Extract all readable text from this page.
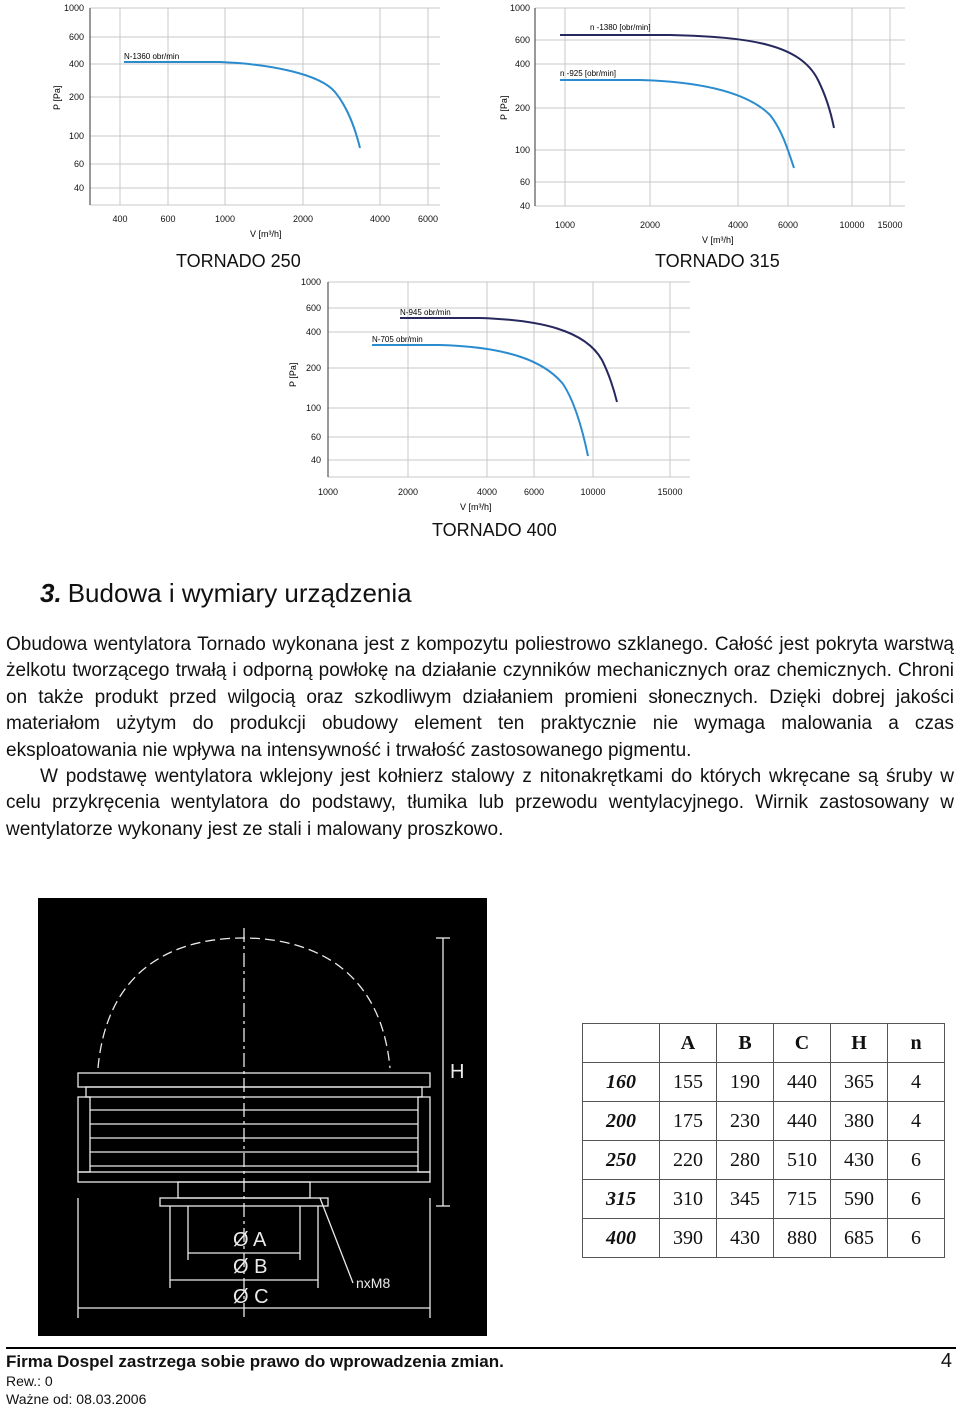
1000
600
400
200
100
60
40
400	600	1000	2000	4000	6000
V [m³/h]
P [Pa]
N-1360 obr/min
TORNADO 250
1000
600
400
200
100
60
40
1000	2000	4000	6000	10000 15000
V [m³/h]
P [Pa]
n -1380 [obr/min]
n -925 [obr/min]
TORNADO 315
1000
600
400
200
100
60
40
1000	2000	4000	6000	10000	15000
V [m³/h]
P [Pa]
N-945 obr/min
N-705 obr/min
TORNADO 400
3. Budowa i wymiary urządzenia

Obudowa wentylatora Tornado wykonana jest z kompozytu poliestrowo szklanego. Całość jest pokryta warstwą żelkotu tworzącego trwałą i odporną powłokę na działanie czynników mechanicznych oraz chemicznych. Chroni on także produkt przed wilgocią oraz szkodliwym działaniem promieni słonecznych. Dzięki dobrej jakości materiałom użytym do produkcji obudowy element ten praktycznie nie wymaga malowania a czas eksploatowania nie wpływa na intensywność i trwałość zastosowanego pigmentu.

W podstawę wentylatora wklejony jest kołnierz stalowy z nitonakrętkami do których wkręcane są śruby w celu przykręcenia wentylatora do podstawy, tłumika lub przewodu wentylacyjnego. Wirnik zastosowany w wentylatorze wykonany jest ze stali i malowany proszkowo.

H
Ø A
Ø B
Ø C
nxM8
	A	B	C	H	n
160	155	190	440	365	4
200	175	230	440	380	4
250	220	280	510	430	6
315	310	345	715	590	6
400	390	430	880	685	6
Firma Dospel zastrzega sobie prawo do wprowadzenia zmian.	4
Rew.: 0
Ważne od: 08.03.2006
